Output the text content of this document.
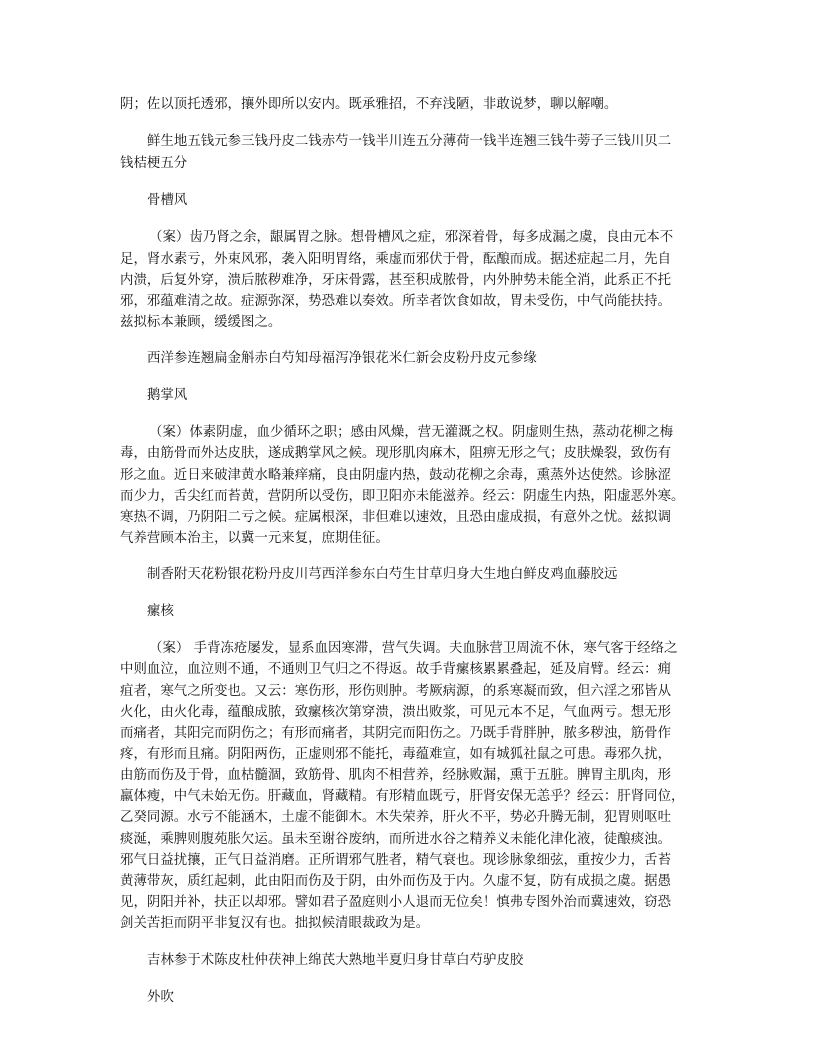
阴；佐以顶托透邪，攘外即所以安内。既承雅招，不弃浅陋，非敢说梦，聊以解嘲。
鲜生地五钱元参三钱丹皮二钱赤芍一钱半川连五分薄荷一钱半连翘三钱牛蒡子三钱川贝二
钱桔梗五分
骨槽风
（案）齿乃肾之余，龈属胃之脉。想骨槽风之症，邪深着骨，每多成漏之虞，良由元本不
足，肾水素亏，外束风邪，袭入阳明胃络，乘虚而邪伏于骨，酝酿而成。据述症起二月，先自
内溃，后复外穿，溃后脓秽难净，牙床骨露，甚至积成脓骨，内外肿势未能全消，此系正不托
邪，邪蕴难清之故。症源弥深，势恐难以奏效。所幸者饮食如故，胃未受伤，中气尚能扶持。
兹拟标本兼顾，缓缓图之。
西洋参连翘扁金斛赤白芍知母福泻净银花米仁新会皮粉丹皮元参缘
鹅掌风
（案）体素阴虚，血少循环之职；感由风燥，营无灌溉之权。阴虚则生热，蒸动花柳之梅
毒，由筋骨而外达皮肤，遂成鹅掌风之候。现形肌肉麻木，阻痹无形之气；皮肤燥裂，致伤有
形之血。近日来破津黄水略兼痒痛，良由阴虚内热，鼓动花柳之余毒，熏蒸外达使然。诊脉涩
而少力，舌尖红而苔黄，营阴所以受伤，即卫阳亦未能滋养。经云：阴虚生内热，阳虚恶外寒。
寒热不调，乃阴阳二亏之候。症属根深，非但难以速效，且恐由虚成损，有意外之忧。兹拟调
气养营顾本治主，以冀一元来复，庶期佳征。
制香附天花粉银花粉丹皮川芎西洋参东白芍生甘草归身大生地白鲜皮鸡血藤胶远
瘰核
（案） 手背冻疮屡发，显系血因寒滞，营气失调。夫血脉营卫周流不休，寒气客于经络之
中则血泣，血泣则不通，不通则卫气归之不得返。故手背瘰核累累叠起，延及肩臂。经云：痈
疽者，寒气之所变也。又云：寒伤形，形伤则肿。考厥病源，的系寒凝而致，但六淫之邪皆从
火化，由火化毒，蕴酿成脓，致瘰核次第穿溃，溃出败浆，可见元本不足，气血两亏。想无形
而痛者，其阳完而阴伤之；有形而痛者，其阴完而阳伤之。乃既手背胖肿，脓多秽浊，筋骨作
疼，有形而且痛。阴阳两伤，正虚则邪不能托，毒蕴难宣，如有城狐社鼠之可患。毒邪久扰，
由筋而伤及于骨，血枯髓涸，致筋骨、肌肉不相营养，经脉败漏，熏于五脏。脾胃主肌肉，形
羸体瘦，中气未始无伤。肝藏血，肾藏精。有形精血既亏，肝肾安保无恙乎？经云：肝肾同位，
乙癸同源。水亏不能涵木，土虚不能御木。木失荣养，肝火不平，势必升腾无制，犯胃则呕吐
痰涎，乘脾则腹苑胀欠运。虽未至谢谷废纳，而所进水谷之精养义未能化津化液，徒酿痰浊。
邪气日益扰攘，正气日益消磨。正所谓邪气胜者，精气衰也。现诊脉象细弦，重按少力，舌苔
黄薄带灰，质红起刺，此由阳而伤及于阴，由外而伤及于内。久虚不复，防有成损之虞。据愚
见，阴阳并补，扶正以却邪。譬如君子盈庭则小人退而无位矣！慎弗专图外治而冀速效，窃恐
剑关苦拒而阴平非复汉有也。拙拟候清眼裁政为是。
吉林参于术陈皮杜仲茯神上绵芪大熟地半夏归身甘草白芍驴皮胶
外吹
